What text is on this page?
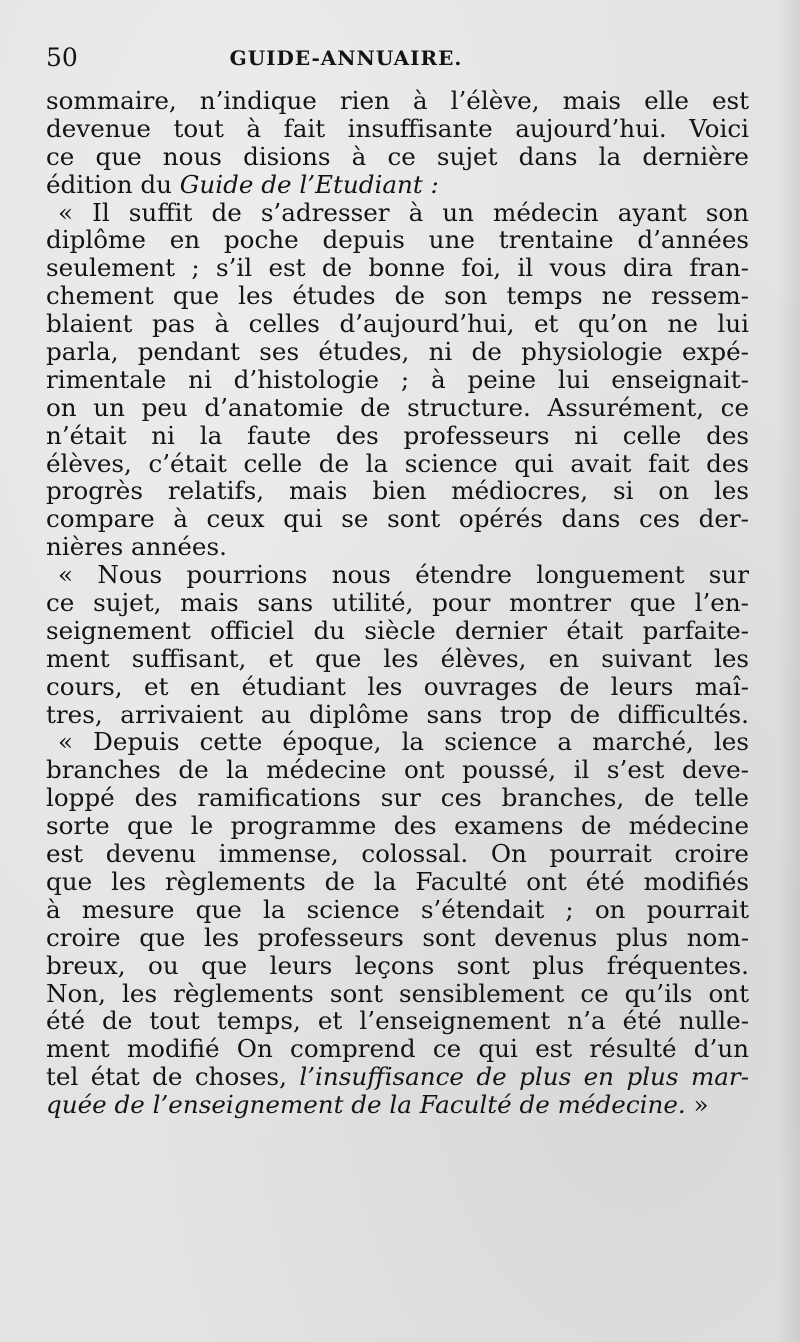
50	GUIDE-ANNUAIRE.
sommaire, n’indique rien à l’élève, mais elle est
devenue tout à fait insuffisante aujourd’hui. Voici
ce que nous disions à ce sujet dans la dernière
édition du Guide de l’Etudiant :
« Il suffit de s’adresser à un médecin ayant son
diplôme en poche depuis une trentaine d’années
seulement ; s’il est de bonne foi, il vous dira fran-
chement que les études de son temps ne ressem-
blaient pas à celles d’aujourd’hui, et qu’on ne lui
parla, pendant ses études, ni de physiologie expé-
rimentale ni d’histologie ; à peine lui enseignait-
on un peu d’anatomie de structure. Assurément, ce
n’était ni la faute des professeurs ni celle des
élèves, c’était celle de la science qui avait fait des
progrès relatifs, mais bien médiocres, si on les
compare à ceux qui se sont opérés dans ces der-
nières années.
« Nous pourrions nous étendre longuement sur
ce sujet, mais sans utilité, pour montrer que l’en-
seignement officiel du siècle dernier était parfaite-
ment suffisant, et que les élèves, en suivant les
cours, et en étudiant les ouvrages de leurs maî-
tres, arrivaient au diplôme sans trop de difficultés.
« Depuis cette époque, la science a marché, les
branches de la médecine ont poussé, il s’est deve-
loppé des ramifications sur ces branches, de telle
sorte que le programme des examens de médecine
est devenu immense, colossal. On pourrait croire
que les règlements de la Faculté ont été modifiés
à mesure que la science s’étendait ; on pourrait
croire que les professeurs sont devenus plus nom-
breux, ou que leurs leçons sont plus fréquentes.
Non, les règlements sont sensiblement ce qu’ils ont
été de tout temps, et l’enseignement n’a été nulle-
ment modifié On comprend ce qui est résulté d’un
tel état de choses, l’insuffisance de plus en plus mar-
quée de l’enseignement de la Faculté de médecine. »
